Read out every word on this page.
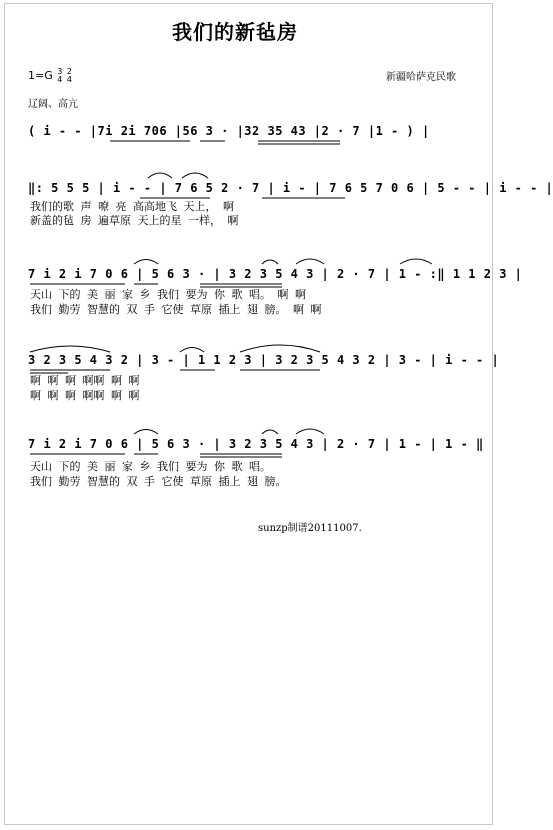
我们的新毡房
1=G 3
4 2
4	新疆哈萨克民歌
辽阔、高亢
( i - - |7i 2i 706 |56 3 · |32 35 43 |2 · 7 |1 - ) |
‖: 5 5 5 | i - - | 7 6 5 2 · 7 | i - | 7 6 5 7 0 6 | 5 - - | i - - |
我们的歌 声 嘹 亮 高高地飞 天上， 啊
新盖的毡 房 遍草原 天上的星 一样， 啊
7 i 2 i 7 0 6 | 5 6 3 · | 3 2 3 5 4 3 | 2 · 7 | 1 - :‖ 1 1 2 3 |
天山 下的 美 丽 家 乡 我们 要为 你 歌 唱。 啊 啊
我们 勤劳 智慧的 双 手 它使 草原 插上 翅 膀。 啊 啊
3 2 3 5 4 3 2 | 3 - | 1 1 2 3 | 3 2 3 5 4 3 2 | 3 - | i - - |
啊 啊 啊 啊啊 啊 啊
啊 啊 啊 啊啊 啊 啊
7 i 2 i 7 0 6 | 5 6 3 · | 3 2 3 5 4 3 | 2 · 7 | 1 - | 1 - ‖
天山 下的 美 丽 家 乡 我们 要为 你 歌 唱。
我们 勤劳 智慧的 双 手 它使 草原 插上 翅 膀。
sunzp制谱20111007.
